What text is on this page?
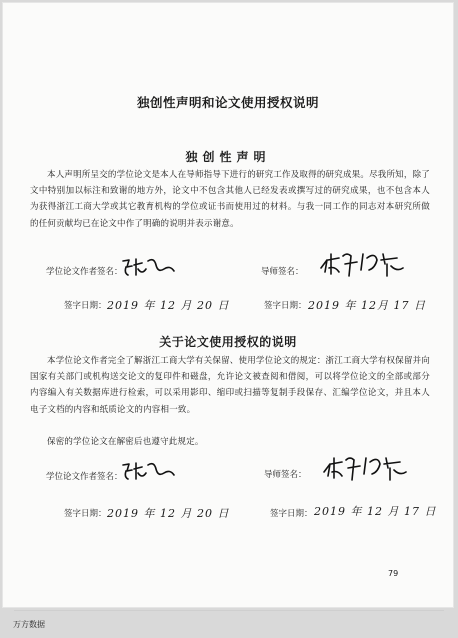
独创性声明和论文使用授权说明
独创性声明

本人声明所呈交的学位论文是本人在导师指导下进行的研究工作及取得的研究成果。尽我所知，除了文中特别加以标注和致谢的地方外，论文中不包含其他人已经发表或撰写过的研究成果，也不包含本人为获得浙江工商大学或其它教育机构的学位或证书而使用过的材料。与我一同工作的同志对本研究所做的任何贡献均已在论文中作了明确的说明并表示谢意。

学位论文作者签名：	导师签名：
签字日期： 2019 年 12 月 20 日	签字日期： 2019 年 12月 17 日
关于论文使用授权的说明

本学位论文作者完全了解浙江工商大学有关保留、使用学位论文的规定：浙江工商大学有权保留并向国家有关部门或机构送交论文的复印件和磁盘，允许论文被查阅和借阅，可以将学位论文的全部或部分内容编入有关数据库进行检索，可以采用影印、缩印或扫描等复制手段保存、汇编学位论文，并且本人电子文档的内容和纸质论文的内容相一致。

保密的学位论文在解密后也遵守此规定。

学位论文作者签名：	导师签名：
签字日期： 2019 年 12 月 20 日	签字日期： 2019 年 12 月 17 日
79
万方数据
